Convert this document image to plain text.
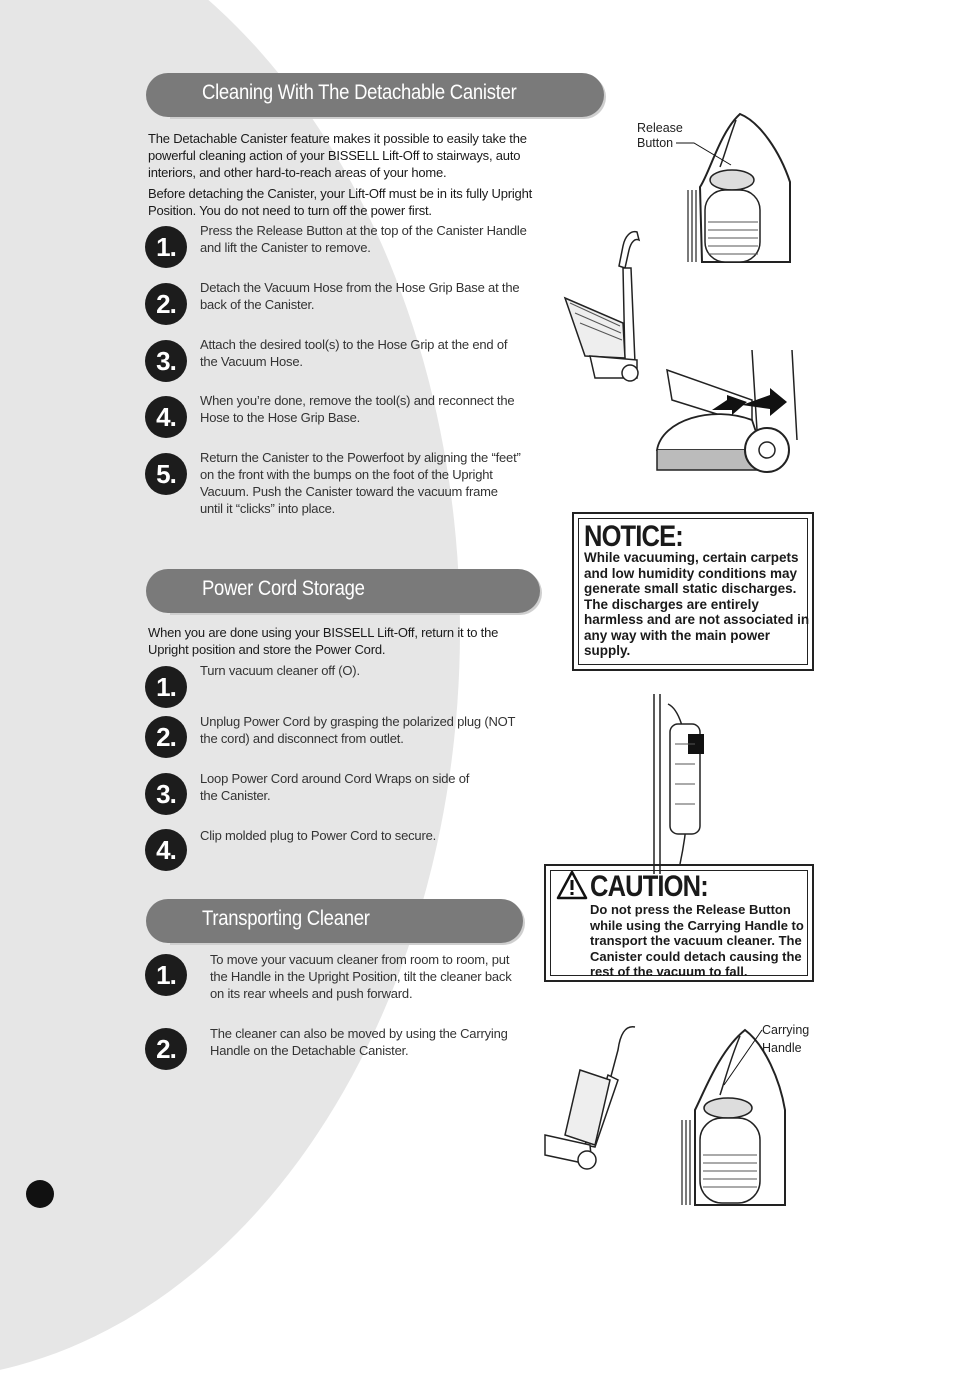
Cleaning With The Detachable Canister

The Detachable Canister feature makes it possible to easily take the powerful cleaning action of your BISSELL Lift-Off to stairways, auto interiors, and other hard-to-reach areas of your home.

Before detaching the Canister, your Lift-Off must be in its fully Upright Position. You do not need to turn off the power first.

1.
Press the Release Button at the top of the Canister Handle and lift the Canister to remove.
2.
Detach the Vacuum Hose from the Hose Grip Base at the back of the Canister.
3.
Attach the desired tool(s) to the Hose Grip at the end of the Vacuum Hose.
4.
When you’re done, remove the tool(s) and reconnect the Hose to the Hose Grip Base.
5.
Return the Canister to the Powerfoot by aligning the “feet” on the front with the bumps on the foot of the Upright Vacuum. Push the Canister toward the vacuum frame until it “clicks” into place.
Power Cord Storage

When you are done using your BISSELL Lift-Off, return it to the Upright position and store the Power Cord.

1.
Turn vacuum cleaner off (O).
2.
Unplug Power Cord by grasping the polarized plug (NOT the cord) and disconnect from outlet.
3.
Loop Power Cord around Cord Wraps on side of the Canister.
4.	Clip molded plug to Power Cord to secure.
Transporting Cleaner
1.
To move your vacuum cleaner from room to room, put the Handle in the Upright Position, tilt the cleaner back on its rear wheels and push forward.
2.
The cleaner can also be moved by using the Carrying Handle on the Detachable Canister.
NOTICE:

While vacuuming, certain carpets and low humidity conditions may generate small static discharges. The discharges are entirely harmless and are not associated in any way with the main power supply.

CAUTION:

Do not press the Release Button while using the Carrying Handle to transport the vacuum cleaner. The Canister could detach causing the rest of the vacuum to fall.

Release
Button
Carrying
Handle
